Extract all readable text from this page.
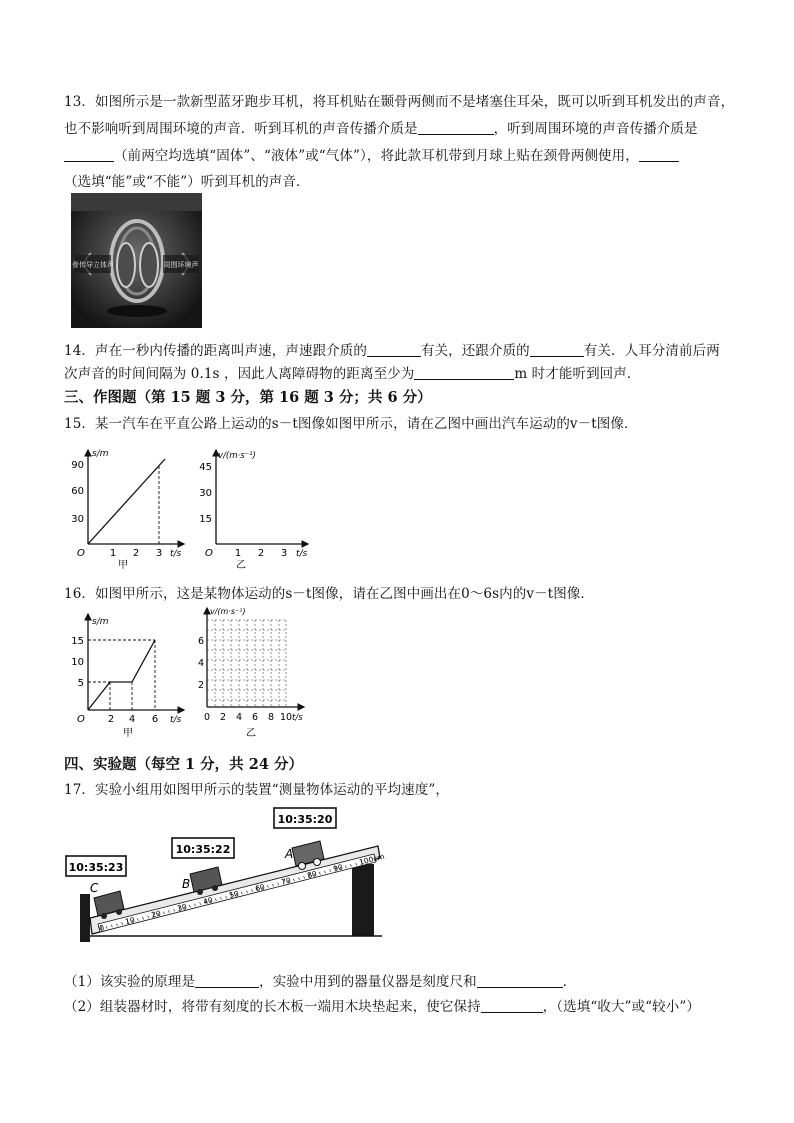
13．如图所示是一款新型蓝牙跑步耳机，将耳机贴在颞骨两侧而不是堵塞住耳朵，既可以听到耳机发出的声音，
也不影响听到周围环境的声音．听到耳机的声音传播介质是	，听到周围环境的声音传播介质是
（前两空均选填“固体”、“液体”或“气体”），将此款耳机带到月球上贴在颈骨两侧使用，
（选填“能”或“不能”）听到耳机的声音．
骨传导立体声	周围环境声
14．声在一秒内传播的距离叫声速，声速跟介质的	有关，还跟介质的	有关．人耳分清前后两
次声音的时间间隔为 0.1s ，因此人离障碍物的距离至少为	m 时才能听到回声．
三、作图题（第 15 题 3 分，第 16 题 3 分；共 6 分）
15．某一汽车在平直公路上运动的s－t图像如图甲所示，请在乙图中画出汽车运动的v－t图像．
s/m
t/s
O
30
60
90
1 2 3
甲
v/(m·s⁻¹)
t/s
O
15
30
45
1 2 3
乙
16．如图甲所示，这是某物体运动的s－t图像，请在乙图中画出在0～6s内的v－t图像．
s/m
t/s
O
5
10
15
2 4 6
甲
v/(m·s⁻¹)
t/s
0
2
4
6
2 4 6 8 10
乙
四、实验题（每空 1 分，共 24 分）
17．实验小组用如图甲所示的装置“测量物体运动的平均速度”，
0
10
20
30
40
50
60
70
80
90
100cm
C	B
A
10:35:23
10:35:22
10:35:20
（1）该实验的原理是	，实验中用到的器量仪器是刻度尺和	．
（2）组装器材时，将带有刻度的长木板一端用木块垫起来，使它保持	，（选填“收大”或“较小”）
